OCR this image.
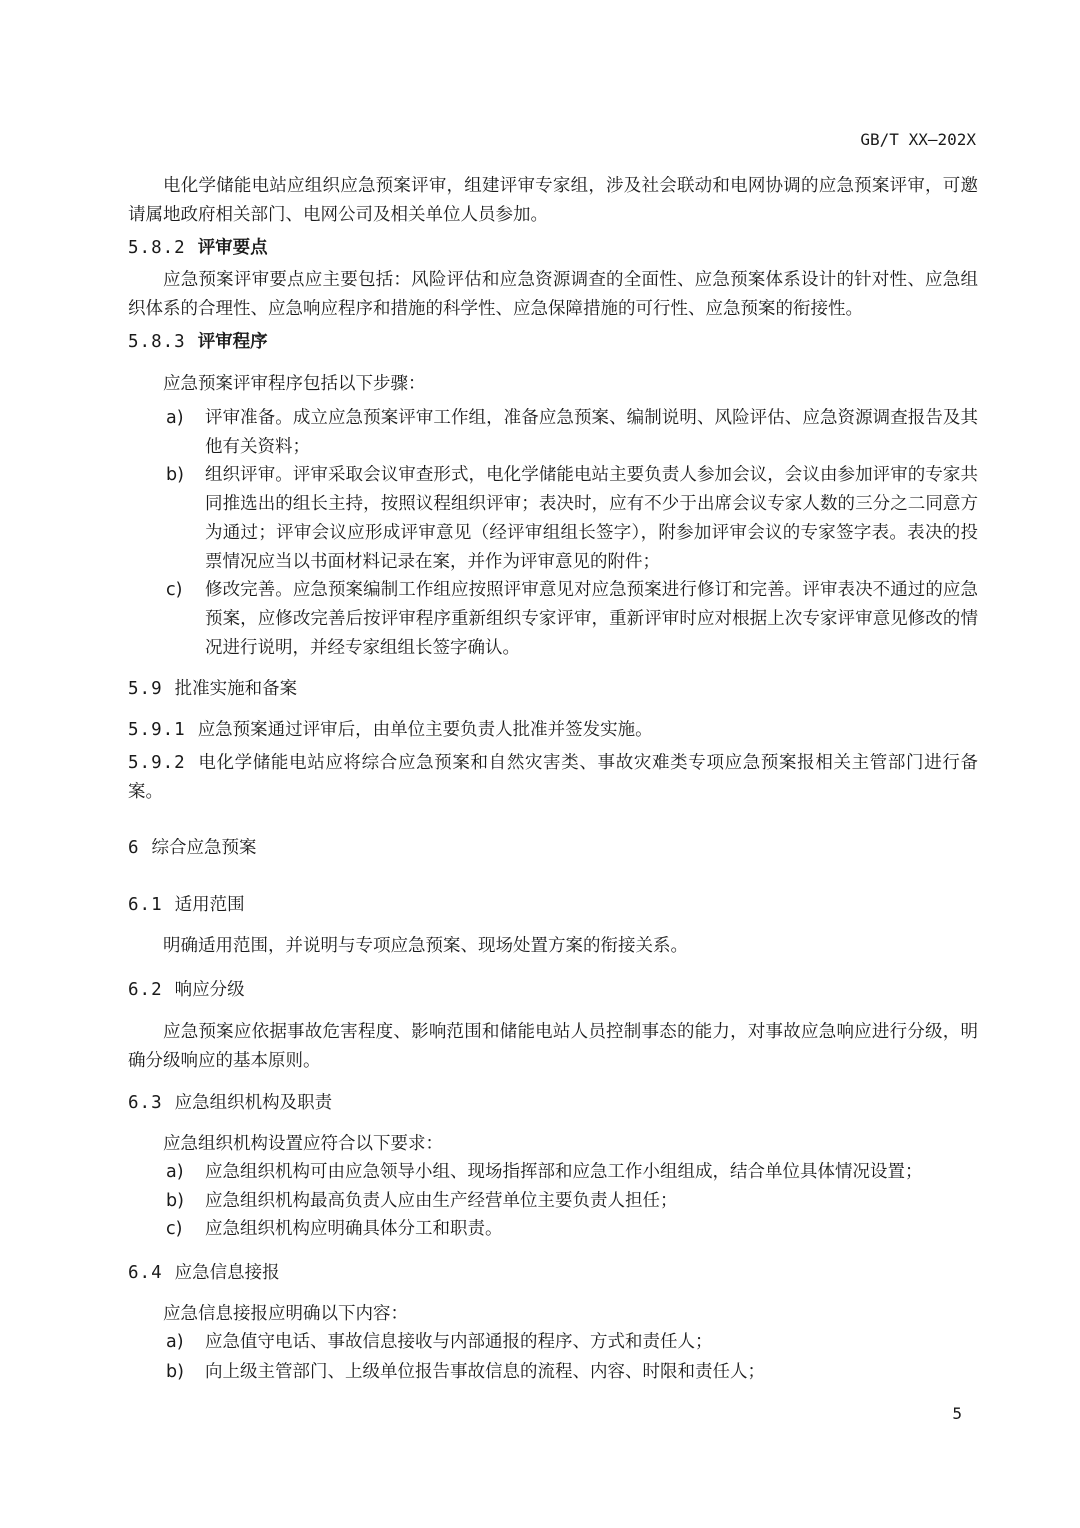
GB/T XX—202X
电化学储能电站应组织应急预案评审，组建评审专家组，涉及社会联动和电网协调的应急预案评审，可邀请属地政府相关部门、电网公司及相关单位人员参加。
5.8.2 评审要点
应急预案评审要点应主要包括：风险评估和应急资源调查的全面性、应急预案体系设计的针对性、应急组织体系的合理性、应急响应程序和措施的科学性、应急保障措施的可行性、应急预案的衔接性。
5.8.3 评审程序
应急预案评审程序包括以下步骤：
a) 评审准备。成立应急预案评审工作组，准备应急预案、编制说明、风险评估、应急资源调查报告及其他有关资料；
b) 组织评审。评审采取会议审查形式，电化学储能电站主要负责人参加会议，会议由参加评审的专家共同推选出的组长主持，按照议程组织评审；表决时，应有不少于出席会议专家人数的三分之二同意方为通过；评审会议应形成评审意见（经评审组组长签字），附参加评审会议的专家签字表。表决的投票情况应当以书面材料记录在案，并作为评审意见的附件；
c) 修改完善。应急预案编制工作组应按照评审意见对应急预案进行修订和完善。评审表决不通过的应急预案，应修改完善后按评审程序重新组织专家评审，重新评审时应对根据上次专家评审意见修改的情况进行说明，并经专家组组长签字确认。
5.9 批准实施和备案
5.9.1 应急预案通过评审后，由单位主要负责人批准并签发实施。
5.9.2 电化学储能电站应将综合应急预案和自然灾害类、事故灾难类专项应急预案报相关主管部门进行备案。
6 综合应急预案
6.1 适用范围
明确适用范围，并说明与专项应急预案、现场处置方案的衔接关系。
6.2 响应分级
应急预案应依据事故危害程度、影响范围和储能电站人员控制事态的能力，对事故应急响应进行分级，明确分级响应的基本原则。
6.3 应急组织机构及职责
应急组织机构设置应符合以下要求：
a) 应急组织机构可由应急领导小组、现场指挥部和应急工作小组组成，结合单位具体情况设置；
b) 应急组织机构最高负责人应由生产经营单位主要负责人担任；
c) 应急组织机构应明确具体分工和职责。
6.4 应急信息接报
应急信息接报应明确以下内容：
a) 应急值守电话、事故信息接收与内部通报的程序、方式和责任人；
b) 向上级主管部门、上级单位报告事故信息的流程、内容、时限和责任人；
5
